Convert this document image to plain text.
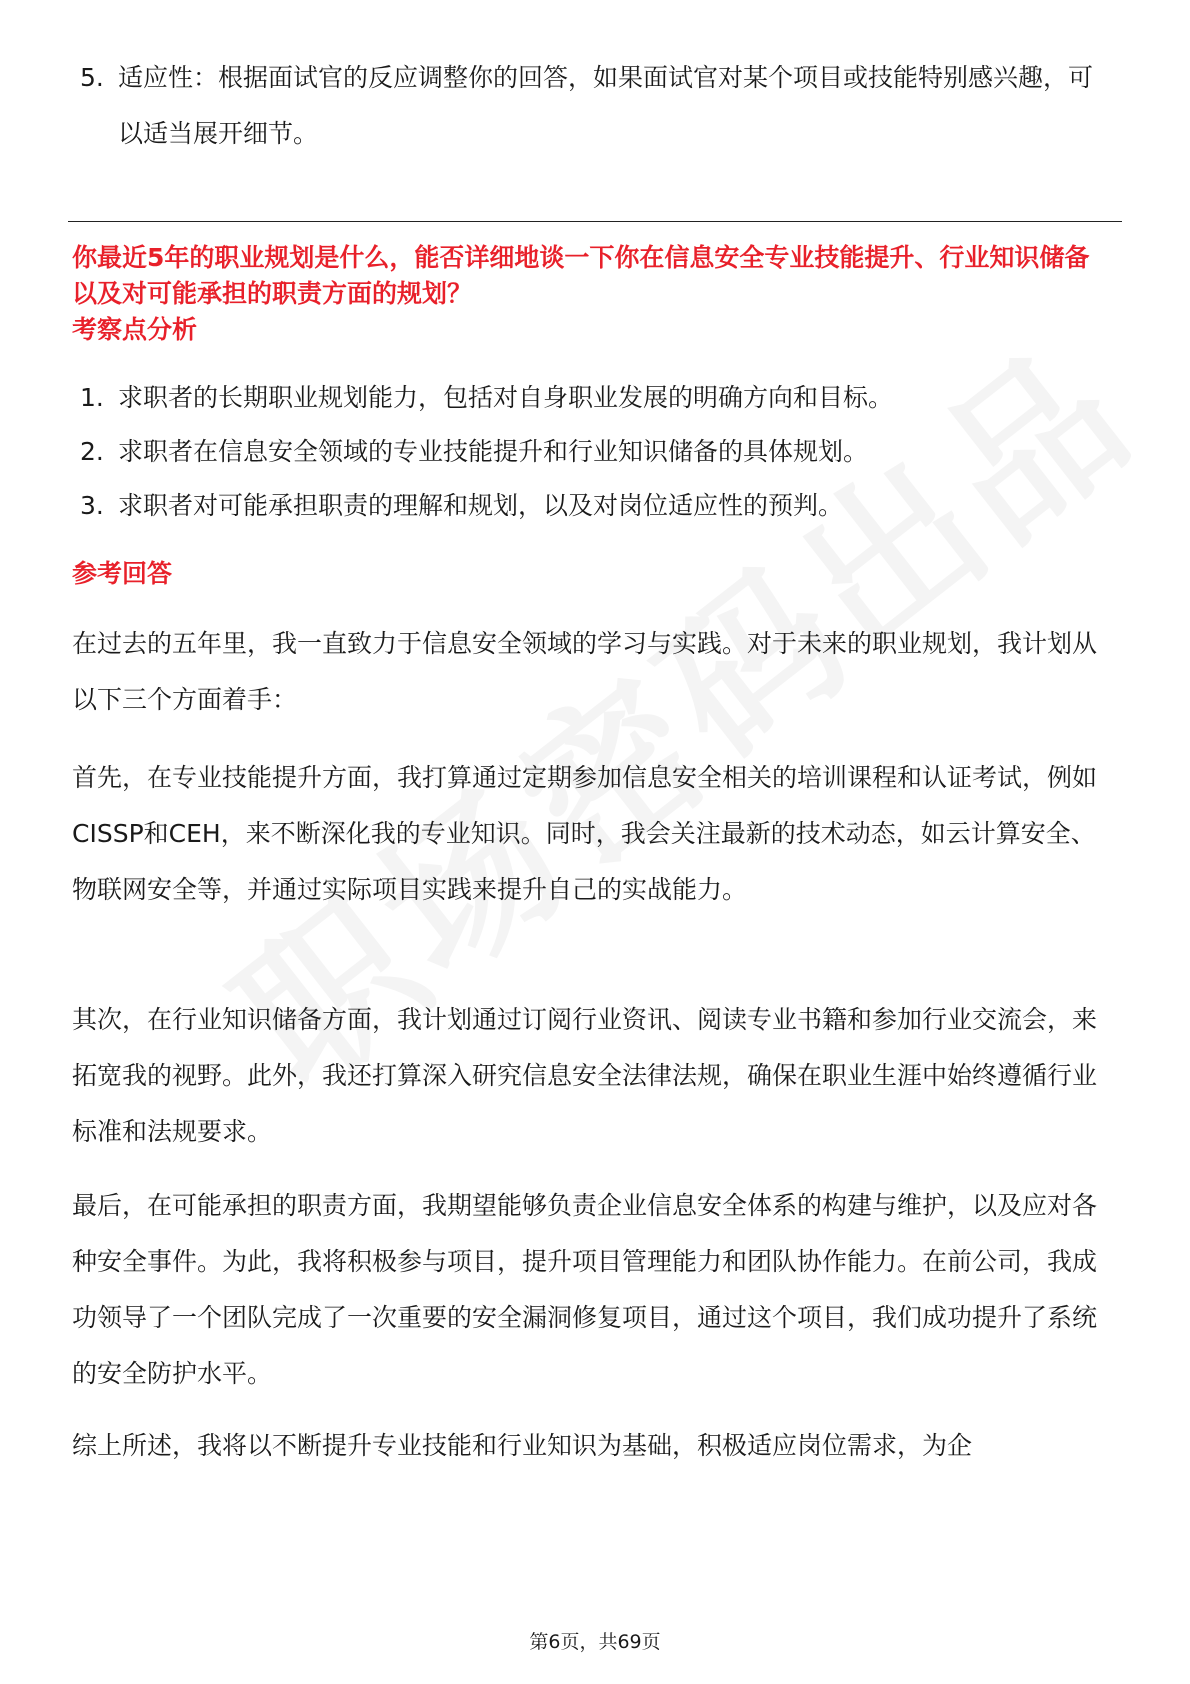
5. 适应性：根据面试官的反应调整你的回答，如果面试官对某个项目或技能特别感兴趣，可以适当展开细节。
你最近5年的职业规划是什么，能否详细地谈一下你在信息安全专业技能提升、行业知识储备以及对可能承担的职责方面的规划？
考察点分析
1. 求职者的长期职业规划能力，包括对自身职业发展的明确方向和目标。
2. 求职者在信息安全领域的专业技能提升和行业知识储备的具体规划。
3. 求职者对可能承担职责的理解和规划，以及对岗位适应性的预判。
参考回答
在过去的五年里，我一直致力于信息安全领域的学习与实践。对于未来的职业规划，我计划从以下三个方面着手：
首先，在专业技能提升方面，我打算通过定期参加信息安全相关的培训课程和认证考试，例如CISSP和CEH，来不断深化我的专业知识。同时，我会关注最新的技术动态，如云计算安全、物联网安全等，并通过实际项目实践来提升自己的实战能力。
其次，在行业知识储备方面，我计划通过订阅行业资讯、阅读专业书籍和参加行业交流会，来拓宽我的视野。此外，我还打算深入研究信息安全法律法规，确保在职业生涯中始终遵循行业标准和法规要求。
最后，在可能承担的职责方面，我期望能够负责企业信息安全体系的构建与维护，以及应对各种安全事件。为此，我将积极参与项目，提升项目管理能力和团队协作能力。在前公司，我成功领导了一个团队完成了一次重要的安全漏洞修复项目，通过这个项目，我们成功提升了系统的安全防护水平。
综上所述，我将以不断提升专业技能和行业知识为基础，积极适应岗位需求，为企
第6页，共69页
